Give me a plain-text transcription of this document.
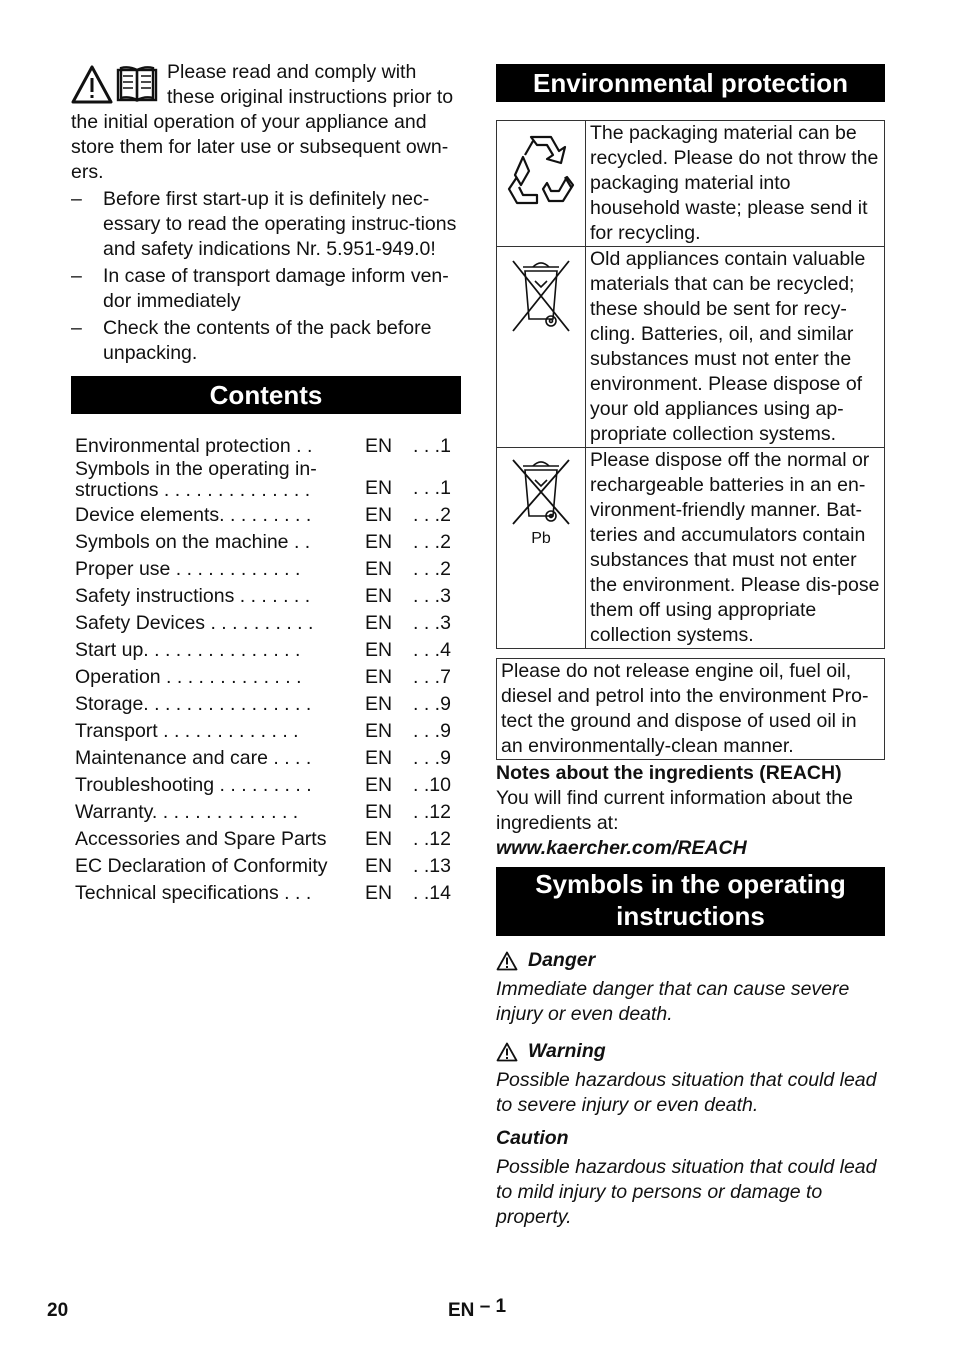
Please read and comply with these original instructions prior to the initial operation of your appliance and store them for later use or subsequent own-ers.

– Before first start-up it is definitely nec-essary to read the operating instruc-tions and safety indications Nr. 5.951-949.0!
– In case of transport damage inform ven-dor immediately
– Check the contents of the pack before unpacking.
Contents
Environmental protection . .	EN	. . .1
Symbols in the operating in-structions . . . . . . . . . . . . . .	EN	. . .1
Device elements. . . . . . . . .	EN	. . .2
Symbols on the machine . .	EN	. . .2
Proper use . . . . . . . . . . . .	EN	. . .2
Safety instructions . . . . . . .	EN	. . .3
Safety Devices . . . . . . . . . .	EN	. . .3
Start up. . . . . . . . . . . . . . .	EN	. . .4
Operation . . . . . . . . . . . . .	EN	. . .7
Storage. . . . . . . . . . . . . . . .	EN	. . .9
Transport . . . . . . . . . . . . .	EN	. . .9
Maintenance and care . . . .	EN	. . .9
Troubleshooting . . . . . . . . .	EN	. .10
Warranty. . . . . . . . . . . . . .	EN	. .12
Accessories and Spare Parts	EN	. .12
EC Declaration of Conformity	EN	. .13
Technical specifications . . .	EN	. .14
Environmental protection
	The packaging material can be recycled. Please do not throw the packaging material into household waste; please send it for recycling.
	Old appliances contain valuable materials that can be recycled; these should be sent for recy-cling. Batteries, oil, and similar substances must not enter the environment. Please dispose of your old appliances using ap-propriate collection systems.

Pb	Please dispose off the normal or rechargeable batteries in an en-vironment-friendly manner. Bat-teries and accumulators contain substances that must not enter the environment. Please dis-pose them off using appropriate collection systems.
Please do not release engine oil, fuel oil, diesel and petrol into the environment Pro-tect the ground and dispose of used oil in an environmentally-clean manner.
Notes about the ingredients (REACH)
You will find current information about the ingredients at:
www.kaercher.com/REACH
Symbols in the operating instructions
Danger
Immediate danger that can cause severe injury or even death.
Warning
Possible hazardous situation that could lead to severe injury or even death.
Caution
Possible hazardous situation that could lead to mild injury to persons or damage to property.
20	EN – 1
